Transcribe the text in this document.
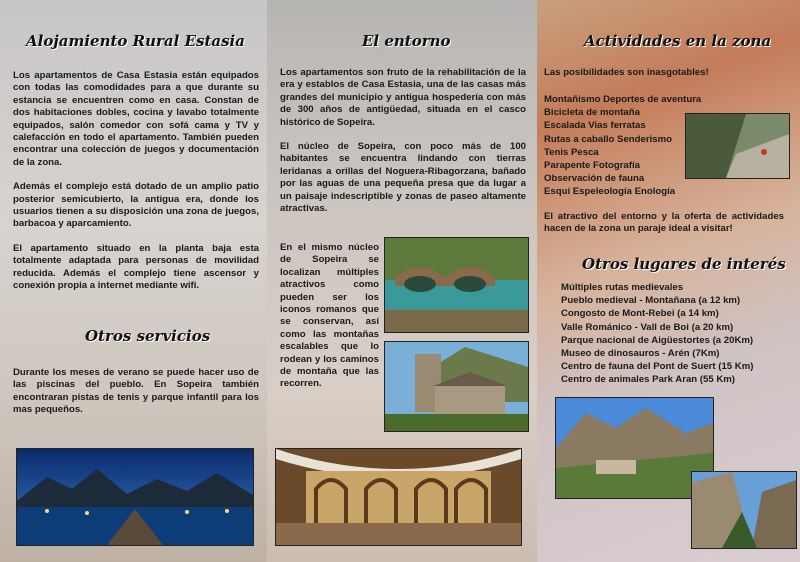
Alojamiento Rural Estasia

Los apartamentos de Casa Estasia están equipados con todas las comodidades para a que durante su estancia se encuentren como en casa. Constan de dos habitaciones dobles, cocina y lavabo totalmente equipados, salón comedor con sofá cama y TV y calefacción en todo el apartamento. También pueden encontrar una colección de juegos y documentación de la zona.

Además el complejo está dotado de un amplio patio posterior semicubierto, la antigua era, donde los usuarios tienen a su disposición una zona de juegos, barbacoa y aparcamiento.

El apartamento situado en la planta baja esta totalmente adaptada para personas de movilidad reducida. Además el complejo tiene ascensor y conexión propia a internet mediante wifi.

Otros servicios

Durante los meses de verano se puede hacer uso de las piscinas del pueblo. En Sopeira también encontraran pistas de tenis y parque infantil para los mas pequeños.

El entorno

Los apartamentos son fruto de la rehabilitación de la era y establos de Casa Estasia, una de las casas más grandes del municipio y antigua hospedería con más de 300 años de antigüedad, situada en el casco histórico de Sopeira.

El núcleo de Sopeira, con poco más de 100 habitantes se encuentra lindando con tierras leridanas a orillas del Noguera-Ribagorzana, bañado por las aguas de una pequeña presa que da lugar a un paisaje indescriptible y zonas de paseo altamente atractivas.

En el mismo núcleo de Sopeira se localizan múltiples atractivos como pueden ser los iconos romanos que se conservan, así como las montañas escalables que lo rodean y los caminos de montaña que las recorren.

Actividades en la zona
Las posibilidades son inasgotables!
Montañismo Deportes de aventura
Bicicleta de montaña
Escalada Vias ferratas
Rutas a caballo Senderismo
Tenis Pesca
Parapente Fotografía
Observación de fauna
Esquí Espeleología Enología

El atractivo del entorno y la oferta de actividades hacen de la zona un paraje ideal a visitar!

Otros lugares de interés
Múltiples rutas medievales
Pueblo medieval - Montañana (a 12 km)
Congosto de Mont-Rebei (a 14 km)
Valle Románico - Vall de Boi (a 20 km)
Parque nacional de Aigüestortes (a 20Km)
Museo de dinosauros - Arén (7Km)
Centro de fauna del Pont de Suert (15 Km)
Centro de animales Park Aran (55 Km)
